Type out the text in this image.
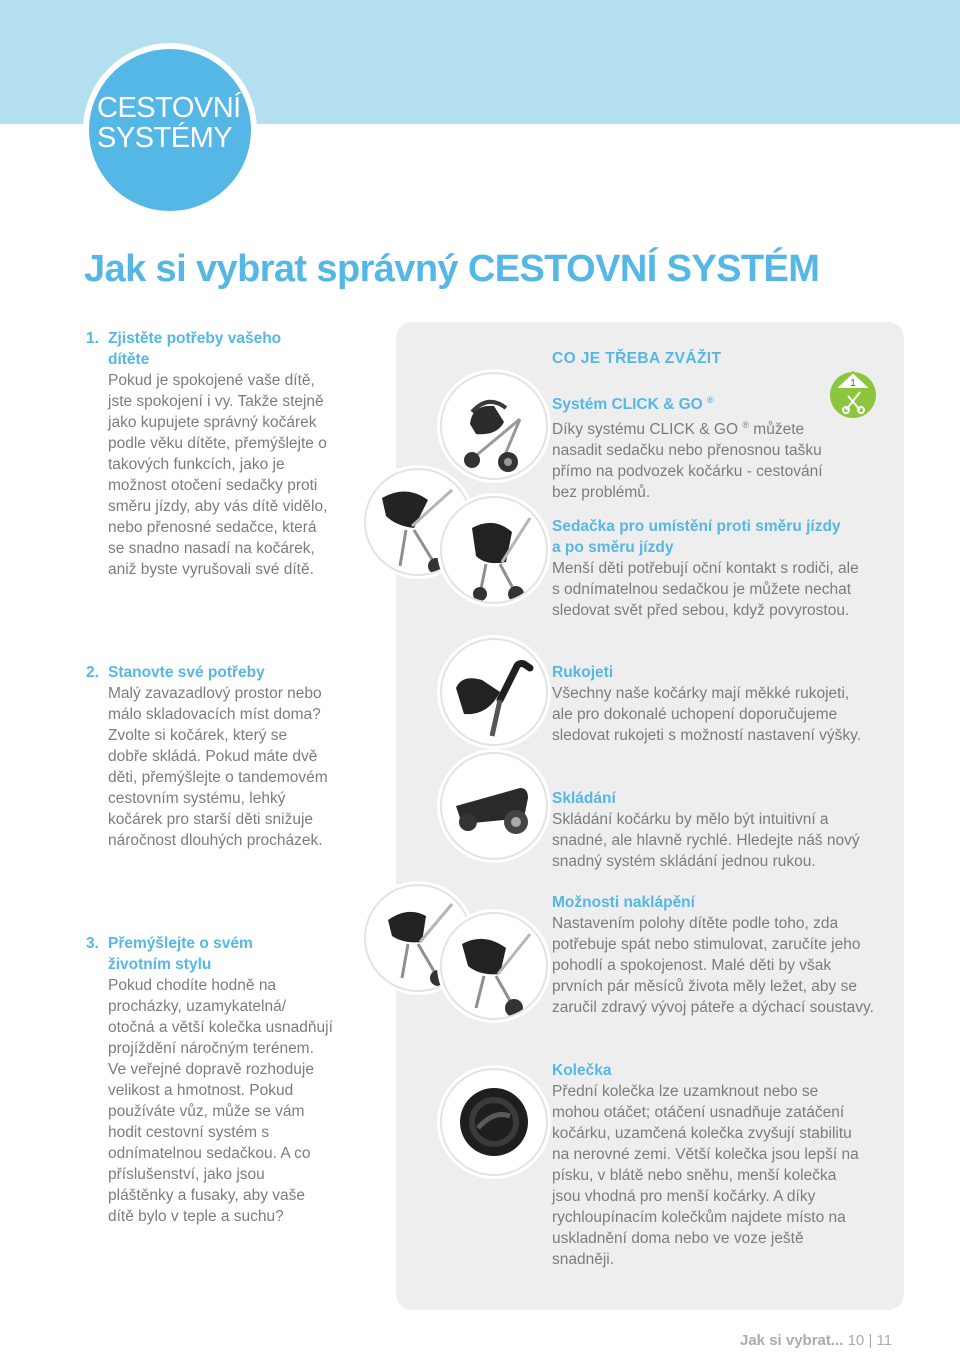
CESTOVNÍ
SYSTÉMY
Jak si vybrat správný CESTOVNÍ SYSTÉM
1. Zjistěte potřeby vašeho dítěte
Pokud je spokojené vaše dítě, jste spokojení i vy. Takže stejně jako kupujete správný kočárek podle věku dítěte, přemýšlejte o takových funkcích, jako je možnost otočení sedačky proti směru jízdy, aby vás dítě vidělo, nebo přenosné sedačce, která se snadno nasadí na kočárek, aniž byste vyrušovali své dítě.
2. Stanovte své potřeby
Malý zavazadlový prostor nebo málo skladovacích míst doma? Zvolte si kočárek, který se dobře skládá. Pokud máte dvě děti, přemýšlejte o tandemovém cestovním systému, lehký kočárek pro starší děti snižuje náročnost dlouhých procházek.
3. Přemýšlejte o svém životním stylu
Pokud chodíte hodně na procházky, uzamykatelná/ otočná a větší kolečka usnadňují projíždění náročným terénem. Ve veřejné dopravě rozhoduje velikost a hmotnost. Pokud používáte vůz, může se vám hodit cestovní systém s odnímatelnou sedačkou. A co příslušenství, jako jsou pláštěnky a fusaky, aby vaše dítě bylo v teple a suchu?
1
CO JE TŘEBA ZVÁŽIT
Systém CLICK & GO ®
Díky systému CLICK & GO ® můžete nasadit sedačku nebo přenosnou tašku přímo na podvozek kočárku - cestování bez problémů.
Sedačka pro umístění proti směru jízdy a po směru jízdy
Menší děti potřebují oční kontakt s rodiči, ale s odnímatelnou sedačkou je můžete nechat sledovat svět před sebou, když povyrostou.
Rukojeti
Všechny naše kočárky mají měkké rukojeti, ale pro dokonalé uchopení doporučujeme sledovat rukojeti s možností nastavení výšky.
Skládání
Skládání kočárku by mělo být intuitivní a snadné, ale hlavně rychlé. Hledejte náš nový snadný systém skládání jednou rukou.
Možnosti naklápění
Nastavením polohy dítěte podle toho, zda potřebuje spát nebo stimulovat, zaručíte jeho pohodlí a spokojenost. Malé děti by však prvních pár měsíců života měly ležet, aby se zaručil zdravý vývoj páteře a dýchací soustavy.
Kolečka
Přední kolečka lze uzamknout nebo se mohou otáčet; otáčení usnadňuje zatáčení kočárku, uzamčená kolečka zvyšují stabilitu na nerovné zemi. Větší kolečka jsou lepší na písku, v blátě nebo sněhu, menší kolečka jsou vhodná pro menší kočárky. A díky rychloupínacím kolečkům najdete místo na uskladnění doma nebo ve voze ještě snadněji.
Jak si vybrat... 10 | 11
